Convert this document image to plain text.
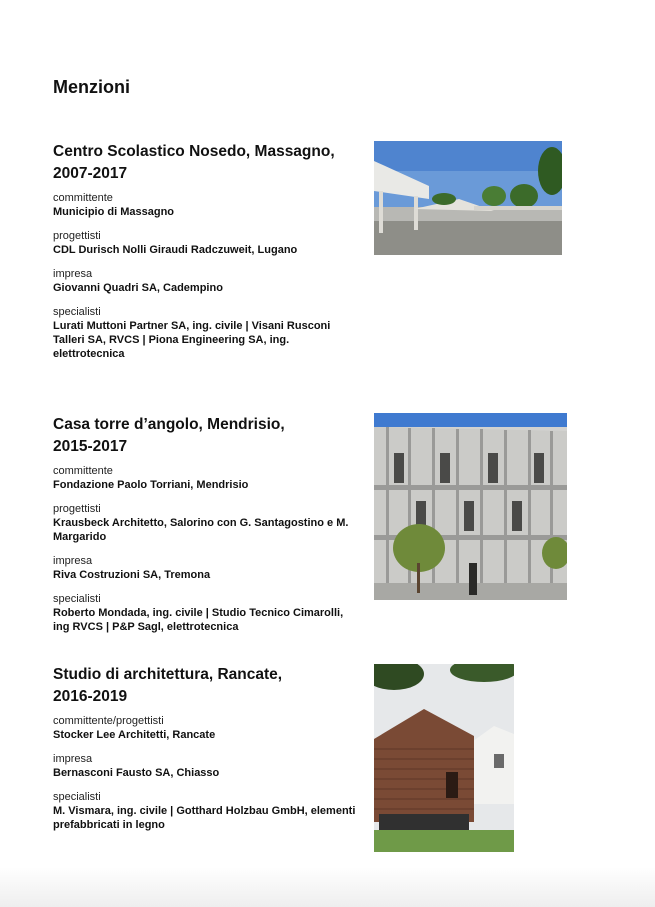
Menzioni
Centro Scolastico Nosedo, Massagno,
2007-2017
committente
Municipio di Massagno
progettisti
CDL Durisch Nolli Giraudi Radczuweit, Lugano
impresa
Giovanni Quadri SA, Cadempino
specialisti
Lurati Muttoni Partner SA, ing. civile | Visani Rusconi
Talleri SA, RVCS | Piona Engineering SA, ing.
elettrotecnica
Casa torre d’angolo, Mendrisio,
2015-2017
committente
Fondazione Paolo Torriani, Mendrisio
progettisti
Krausbeck Architetto, Salorino con G. Santagostino e M.
Margarido
impresa
Riva Costruzioni SA, Tremona
specialisti
Roberto Mondada, ing. civile | Studio Tecnico Cimarolli,
ing RVCS | P&P Sagl, elettrotecnica
Studio di architettura, Rancate,
2016-2019
committente/progettisti
Stocker Lee Architetti, Rancate
impresa
Bernasconi Fausto SA, Chiasso
specialisti
M. Vismara, ing. civile | Gotthard Holzbau GmbH, elementi
prefabbricati in legno
